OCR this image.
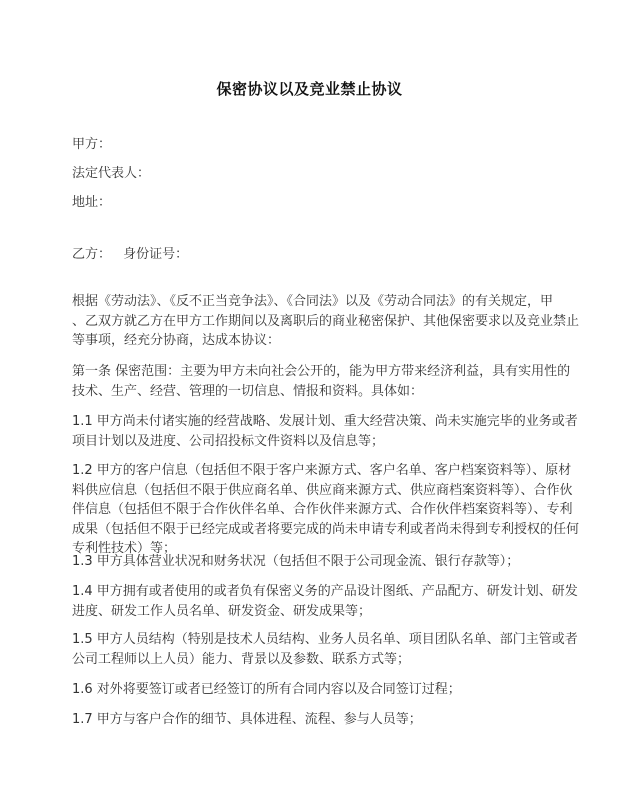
保密协议以及竞业禁止协议
甲方：
法定代表人：
地址：
乙方： 身份证号：
根据《劳动法》、《反不正当竞争法》、《合同法》以及《劳动合同法》的有关规定，甲
、乙双方就乙方在甲方工作期间以及离职后的商业秘密保护、其他保密要求以及竞业禁止
等事项，经充分协商，达成本协议：
第一条 保密范围：主要为甲方未向社会公开的，能为甲方带来经济利益，具有实用性的
技术、生产、经营、管理的一切信息、情报和资料。具体如：
1.1 甲方尚未付诸实施的经营战略、发展计划、重大经营决策、尚未实施完毕的业务或者
项目计划以及进度、公司招投标文件资料以及信息等；
1.2 甲方的客户信息（包括但不限于客户来源方式、客户名单、客户档案资料等）、原材
料供应信息（包括但不限于供应商名单、供应商来源方式、供应商档案资料等）、合作伙
伴信息（包括但不限于合作伙伴名单、合作伙伴来源方式、合作伙伴档案资料等）、专利
成果（包括但不限于已经完成或者将要完成的尚未申请专利或者尚未得到专利授权的任何
专利性技术）等；
1.3 甲方具体营业状况和财务状况（包括但不限于公司现金流、银行存款等）；
1.4 甲方拥有或者使用的或者负有保密义务的产品设计图纸、产品配方、研发计划、研发
进度、研发工作人员名单、研发资金、研发成果等；
1.5 甲方人员结构（特别是技术人员结构、业务人员名单、项目团队名单、部门主管或者
公司工程师以上人员）能力、背景以及参数、联系方式等；
1.6 对外将要签订或者已经签订的所有合同内容以及合同签订过程；
1.7 甲方与客户合作的细节、具体进程、流程、参与人员等；
